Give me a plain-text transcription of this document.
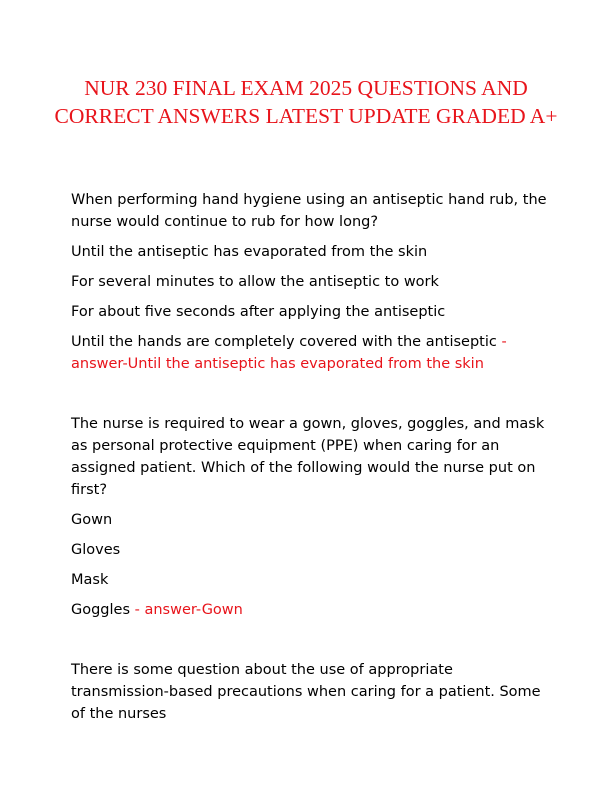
NUR 230 FINAL EXAM 2025 QUESTIONS AND CORRECT ANSWERS LATEST UPDATE GRADED A+

When performing hand hygiene using an antiseptic hand rub, the nurse would continue to rub for how long?

Until the antiseptic has evaporated from the skin

For several minutes to allow the antiseptic to work

For about five seconds after applying the antiseptic

Until the hands are completely covered with the antiseptic - answer-Until the antiseptic has evaporated from the skin

The nurse is required to wear a gown, gloves, goggles, and mask as personal protective equipment (PPE) when caring for an assigned patient. Which of the following would the nurse put on first?

Gown

Gloves

Mask

Goggles - answer-Gown

There is some question about the use of appropriate transmission-based precautions when caring for a patient. Some of the nurses
